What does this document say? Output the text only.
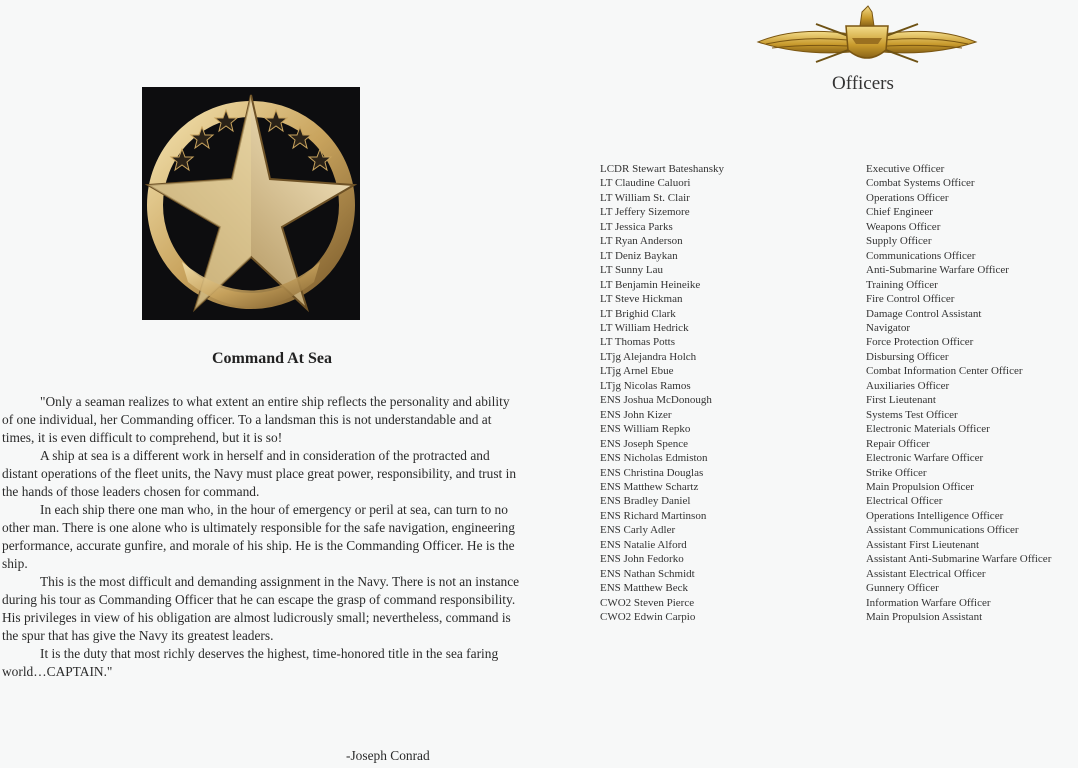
Command At Sea

"Only a seaman realizes to what extent an entire ship reflects the personality and ability of one individual, her Commanding officer. To a landsman this is not understandable and at times, it is even difficult to comprehend, but it is so!

A ship at sea is a different work in herself and in consideration of the protracted and distant operations of the fleet units, the Navy must place great power, responsibility, and trust in the hands of those leaders chosen for command.

In each ship there one man who, in the hour of emergency or peril at sea, can turn to no other man. There is one alone who is ultimately responsible for the safe navigation, engineering performance, accurate gunfire, and morale of his ship. He is the Commanding Officer. He is the ship.

This is the most difficult and demanding assignment in the Navy. There is not an instance during his tour as Commanding Officer that he can escape the grasp of command responsibility. His privileges in view of his obligation are almost ludicrously small; nevertheless, command is the spur that has give the Navy its greatest leaders.

It is the duty that most richly deserves the highest, time-honored title in the sea faring world…CAPTAIN."

-Joseph Conrad
Officers
LCDR Stewart Bateshansky	Executive Officer
LT Claudine Caluori	Combat Systems Officer
LT William St. Clair	Operations Officer
LT Jeffery Sizemore	Chief Engineer
LT Jessica Parks	Weapons Officer
LT Ryan Anderson	Supply Officer
LT Deniz Baykan	Communications Officer
LT Sunny Lau	Anti-Submarine Warfare Officer
LT Benjamin Heineike	Training Officer
LT Steve Hickman	Fire Control Officer
LT Brighid Clark	Damage Control Assistant
LT William Hedrick	Navigator
LT Thomas Potts	Force Protection Officer
LTjg Alejandra Holch	Disbursing Officer
LTjg Arnel Ebue	Combat Information Center Officer
LTjg Nicolas Ramos	Auxiliaries Officer
ENS Joshua McDonough	First Lieutenant
ENS John Kizer	Systems Test Officer
ENS William Repko	Electronic Materials Officer
ENS Joseph Spence	Repair Officer
ENS Nicholas Edmiston	Electronic Warfare Officer
ENS Christina Douglas	Strike Officer
ENS Matthew Schartz	Main Propulsion Officer
ENS Bradley Daniel	Electrical Officer
ENS Richard Martinson	Operations Intelligence Officer
ENS Carly Adler	Assistant Communications Officer
ENS Natalie Alford	Assistant First Lieutenant
ENS John Fedorko	Assistant Anti-Submarine Warfare Officer
ENS Nathan Schmidt	Assistant Electrical Officer
ENS Matthew Beck	Gunnery Officer
CWO2 Steven Pierce	Information Warfare Officer
CWO2 Edwin Carpio	Main Propulsion Assistant
